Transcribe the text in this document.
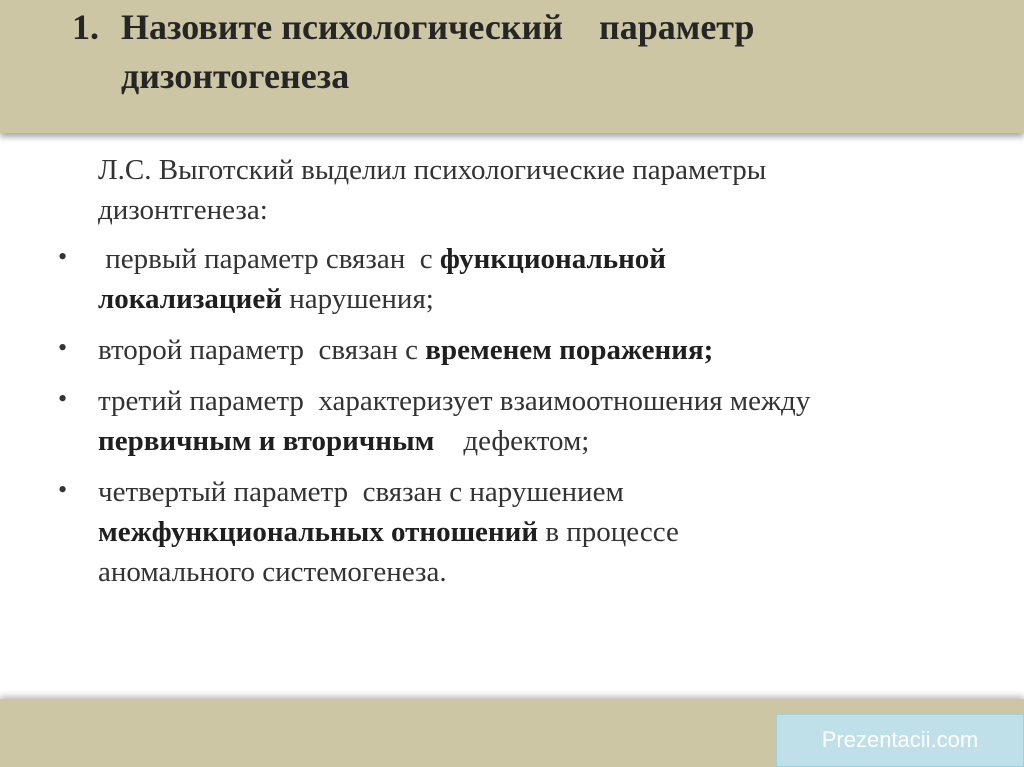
1. Назовите психологический    параметр
дизонтогенеза
Л.С. Выготский выделил психологические параметры
дизонтгенеза:
• первый параметр связан  с функциональной
локализацией нарушения;
• второй параметр  связан с временем поражения;
• третий параметр  характеризует взаимоотношения между
первичным и вторичным    дефектом;
• четвертый параметр  связан с нарушением
межфункциональных отношений в процессе
аномального системогенеза.
Prezentacii.com
